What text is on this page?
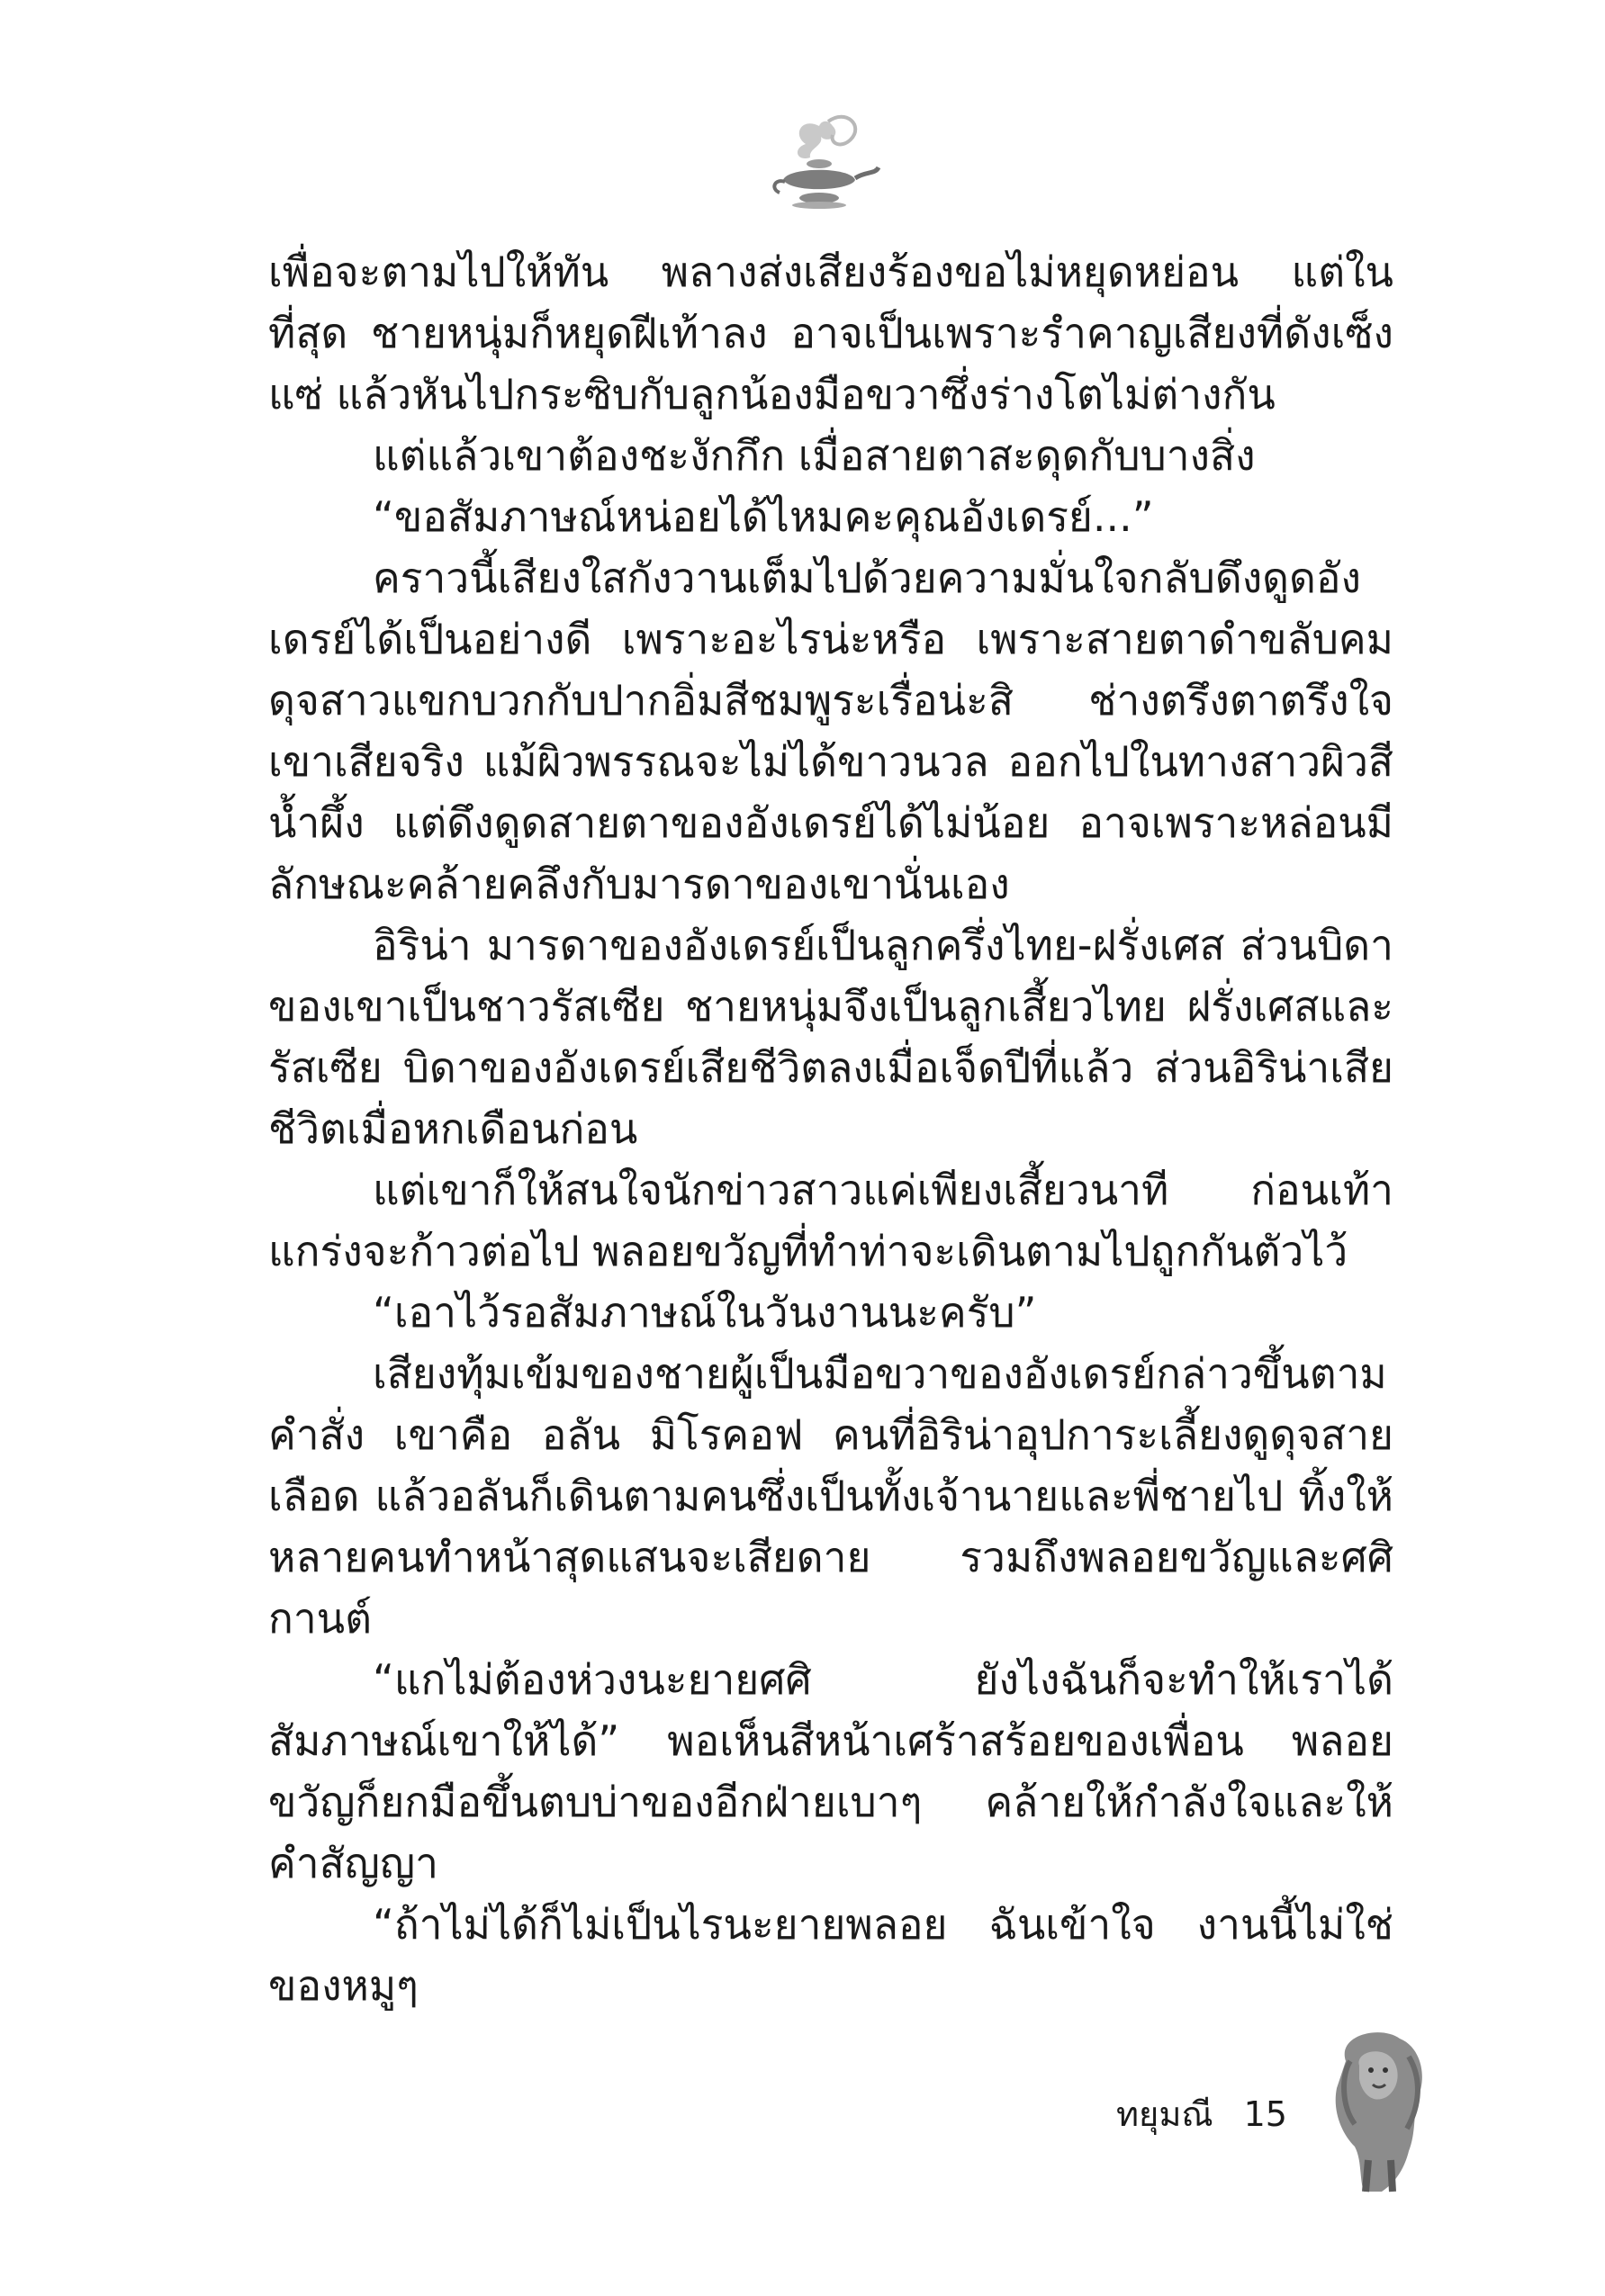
เพื่อจะตามไปให้ทัน พลางส่งเสียงร้องขอไม่หยุดหย่อน แต่ในที่สุด ชายหนุ่มก็หยุดฝีเท้าลง อาจเป็นเพราะรำคาญเสียงที่ดังเซ็งแซ่ แล้วหันไปกระซิบกับลูกน้องมือขวาซึ่งร่างโตไม่ต่างกัน

แต่แล้วเขาต้องชะงักกึก เมื่อสายตาสะดุดกับบางสิ่ง

“ขอสัมภาษณ์หน่อยได้ไหมคะคุณอังเดรย์...”

คราวนี้เสียงใสกังวานเต็มไปด้วยความมั่นใจกลับดึงดูดอังเดรย์ได้เป็นอย่างดี เพราะอะไรน่ะหรือ เพราะสายตาดำขลับคมดุจสาวแขกบวกกับปากอิ่มสีชมพูระเรื่อน่ะสิ ช่างตรึงตาตรึงใจเขาเสียจริง แม้ผิวพรรณจะไม่ได้ขาวนวล ออกไปในทางสาวผิวสีน้ำผึ้ง แต่ดึงดูดสายตาของอังเดรย์ได้ไม่น้อย อาจเพราะหล่อนมีลักษณะคล้ายคลึงกับมารดาของเขานั่นเอง

อิริน่า มารดาของอังเดรย์เป็นลูกครึ่งไทย-ฝรั่งเศส ส่วนบิดาของเขาเป็นชาวรัสเซีย ชายหนุ่มจึงเป็นลูกเสี้ยวไทย ฝรั่งเศสและรัสเซีย บิดาของอังเดรย์เสียชีวิตลงเมื่อเจ็ดปีที่แล้ว ส่วนอิริน่าเสียชีวิตเมื่อหกเดือนก่อน

แต่เขาก็ให้สนใจนักข่าวสาวแค่เพียงเสี้ยวนาที ก่อนเท้าแกร่งจะก้าวต่อไป พลอยขวัญที่ทำท่าจะเดินตามไปถูกกันตัวไว้

“เอาไว้รอสัมภาษณ์ในวันงานนะครับ”

เสียงทุ้มเข้มของชายผู้เป็นมือขวาของอังเดรย์กล่าวขึ้นตามคำสั่ง เขาคือ อลัน มิโรคอฟ คนที่อิริน่าอุปการะเลี้ยงดูดุจสายเลือด แล้วอลันก็เดินตามคนซึ่งเป็นทั้งเจ้านายและพี่ชายไป ทิ้งให้หลายคนทำหน้าสุดแสนจะเสียดาย รวมถึงพลอยขวัญและศศิกานต์

“แกไม่ต้องห่วงนะยายศศิ ยังไงฉันก็จะทำให้เราได้สัมภาษณ์เขาให้ได้” พอเห็นสีหน้าเศร้าสร้อยของเพื่อน พลอยขวัญก็ยกมือขึ้นตบบ่าของอีกฝ่ายเบาๆ คล้ายให้กำลังใจและให้คำสัญญา

“ถ้าไม่ได้ก็ไม่เป็นไรนะยายพลอย ฉันเข้าใจ งานนี้ไม่ใช่ของหมูๆ

ทยุมณี 15
